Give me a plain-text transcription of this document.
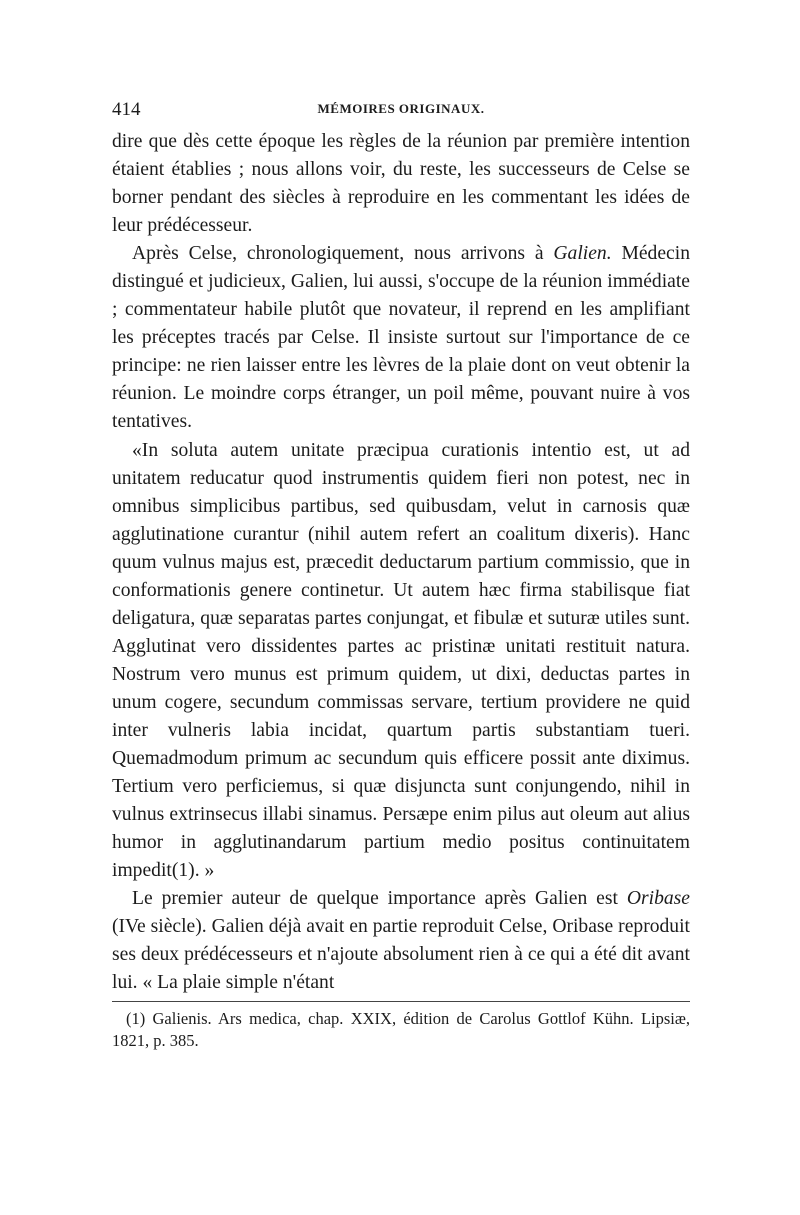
414	MÉMOIRES ORIGINAUX.

dire que dès cette époque les règles de la réunion par première intention étaient établies ; nous allons voir, du reste, les successeurs de Celse se borner pendant des siècles à reproduire en les commentant les idées de leur prédécesseur.

Après Celse, chronologiquement, nous arrivons à Galien. Médecin distingué et judicieux, Galien, lui aussi, s'occupe de la réunion immédiate ; commentateur habile plutôt que novateur, il reprend en les amplifiant les préceptes tracés par Celse. Il insiste surtout sur l'importance de ce principe: ne rien laisser entre les lèvres de la plaie dont on veut obtenir la réunion. Le moindre corps étranger, un poil même, pouvant nuire à vos tentatives.

«In soluta autem unitate præcipua curationis intentio est, ut ad unitatem reducatur quod instrumentis quidem fieri non potest, nec in omnibus simplicibus partibus, sed quibusdam, velut in carnosis quæ agglutinatione curantur (nihil autem refert an coalitum dixeris). Hanc quum vulnus majus est, præcedit deductarum partium commissio, que in conformationis genere continetur. Ut autem hæc firma stabilisque fiat deligatura, quæ separatas partes conjungat, et fibulæ et suturæ utiles sunt. Agglutinat vero dissidentes partes ac pristinæ unitati restituit natura. Nostrum vero munus est primum quidem, ut dixi, deductas partes in unum cogere, secundum commissas servare, tertium providere ne quid inter vulneris labia incidat, quartum partis substantiam tueri. Quemadmodum primum ac secundum quis efficere possit ante diximus. Tertium vero perficiemus, si quæ disjuncta sunt conjungendo, nihil in vulnus extrinsecus illabi sinamus. Persæpe enim pilus aut oleum aut alius humor in agglutinandarum partium medio positus continuitatem impedit(1). »

Le premier auteur de quelque importance après Galien est Oribase (IVe siècle). Galien déjà avait en partie reproduit Celse, Oribase reproduit ses deux prédécesseurs et n'ajoute absolument rien à ce qui a été dit avant lui. « La plaie simple n'étant

(1) Galienis. Ars medica, chap. XXIX, édition de Carolus Gottlof Kühn. Lipsiæ, 1821, p. 385.
